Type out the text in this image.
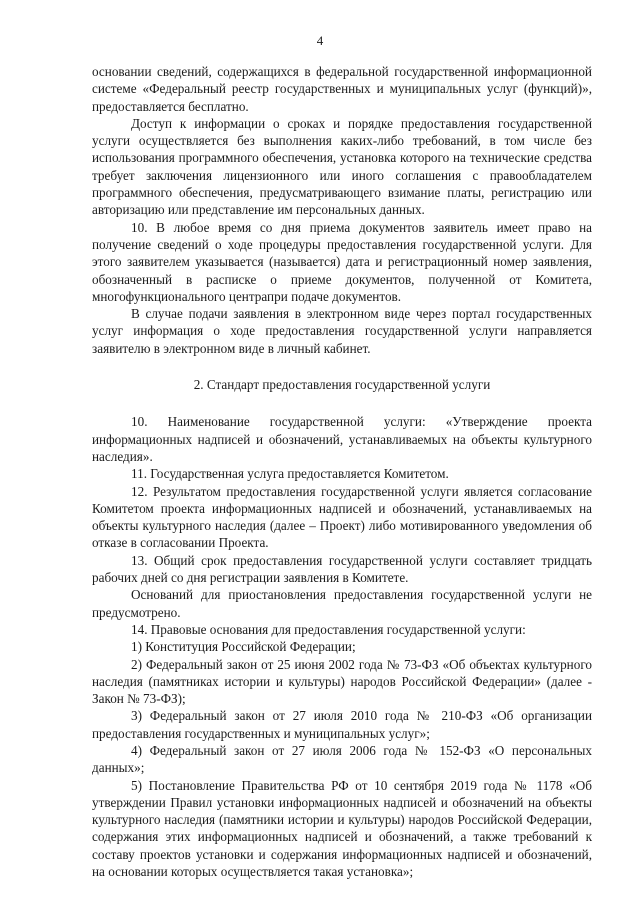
4

основании сведений, содержащихся в федеральной государственной информационной системе «Федеральный реестр государственных и муниципальных услуг (функций)», предоставляется бесплатно.

Доступ к информации о сроках и порядке предоставления государственной услуги осуществляется без выполнения каких-либо требований, в том числе без использования программного обеспечения, установка которого на технические средства требует заключения лицензионного или иного соглашения с правообладателем программного обеспечения, предусматривающего взимание платы, регистрацию или авторизацию или представление им персональных данных.

10. В любое время со дня приема документов заявитель имеет право на получение сведений о ходе процедуры предоставления государственной услуги. Для этого заявителем указывается (называется) дата и регистрационный номер заявления, обозначенный в расписке о приеме документов, полученной от Комитета, многофункционального центрапри подаче документов.

В случае подачи заявления в электронном виде через портал государственных услуг информация о ходе предоставления государственной услуги направляется заявителю в электронном виде в личный кабинет.

2. Стандарт предоставления государственной услуги

10. Наименование государственной услуги: «Утверждение проекта информационных надписей и обозначений, устанавливаемых на объекты культурного наследия».

11. Государственная услуга предоставляется Комитетом.

12. Результатом предоставления государственной услуги является согласование Комитетом проекта информационных надписей и обозначений, устанавливаемых на объекты культурного наследия (далее – Проект) либо мотивированного уведомления об отказе в согласовании Проекта.

13. Общий срок предоставления государственной услуги составляет тридцать рабочих дней со дня регистрации заявления в Комитете.

Оснований для приостановления предоставления государственной услуги не предусмотрено.

14. Правовые основания для предоставления государственной услуги:

1) Конституция Российской Федерации;

2) Федеральный закон от 25 июня 2002 года № 73-ФЗ «Об объектах культурного наследия (памятниках истории и культуры) народов Российской Федерации» (далее - Закон № 73-ФЗ);

3) Федеральный закон от 27 июля 2010 года № 210-ФЗ «Об организации предоставления государственных и муниципальных услуг»;

4) Федеральный закон от 27 июля 2006 года № 152-ФЗ «О персональных данных»;

5) Постановление Правительства РФ от 10 сентября 2019 года № 1178 «Об утверждении Правил установки информационных надписей и обозначений на объекты культурного наследия (памятники истории и культуры) народов Российской Федерации, содержания этих информационных надписей и обозначений, а также требований к составу проектов установки и содержания информационных надписей и обозначений, на основании которых осуществляется такая установка»;
